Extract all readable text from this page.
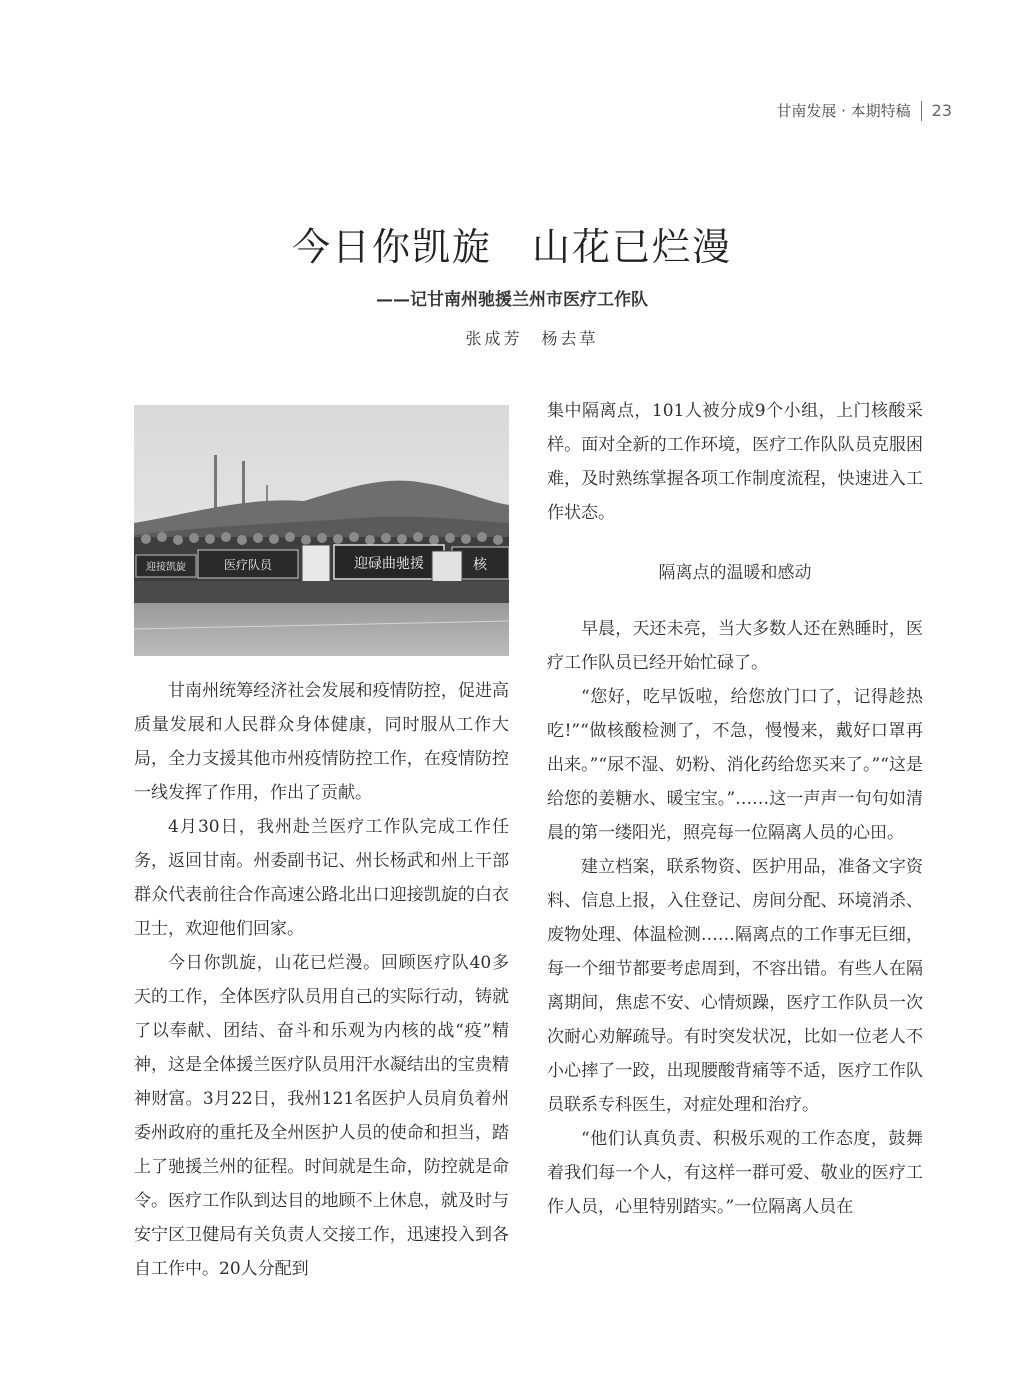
甘南发展 · 本期特稿 23
今日你凯旋　山花已烂漫
——记甘南州驰援兰州市医疗工作队
张成芳　杨去草
迎接凯旋	医疗队员	迎碌曲驰援	核

甘南州统筹经济社会发展和疫情防控，促进高质量发展和人民群众身体健康，同时服从工作大局，全力支援其他市州疫情防控工作，在疫情防控一线发挥了作用，作出了贡献。

4月30日，我州赴兰医疗工作队完成工作任务，返回甘南。州委副书记、州长杨武和州上干部群众代表前往合作高速公路北出口迎接凯旋的白衣卫士，欢迎他们回家。

今日你凯旋，山花已烂漫。回顾医疗队40多天的工作，全体医疗队员用自己的实际行动，铸就了以奉献、团结、奋斗和乐观为内核的战“疫”精神，这是全体援兰医疗队员用汗水凝结出的宝贵精神财富。3月22日，我州121名医护人员肩负着州委州政府的重托及全州医护人员的使命和担当，踏上了驰援兰州的征程。时间就是生命，防控就是命令。医疗工作队到达目的地顾不上休息，就及时与安宁区卫健局有关负责人交接工作，迅速投入到各自工作中。20人分配到

集中隔离点，101人被分成9个小组，上门核酸采样。面对全新的工作环境，医疗工作队队员克服困难，及时熟练掌握各项工作制度流程，快速进入工作状态。

隔离点的温暖和感动

早晨，天还未亮，当大多数人还在熟睡时，医疗工作队员已经开始忙碌了。

“您好，吃早饭啦，给您放门口了，记得趁热吃!”“做核酸检测了，不急，慢慢来，戴好口罩再出来。”“尿不湿、奶粉、消化药给您买来了。”“这是给您的姜糖水、暖宝宝。”……这一声声一句句如清晨的第一缕阳光，照亮每一位隔离人员的心田。

建立档案，联系物资、医护用品，准备文字资料、信息上报，入住登记、房间分配、环境消杀、废物处理、体温检测……隔离点的工作事无巨细，每一个细节都要考虑周到，不容出错。有些人在隔离期间，焦虑不安、心情烦躁，医疗工作队员一次次耐心劝解疏导。有时突发状况，比如一位老人不小心摔了一跤，出现腰酸背痛等不适，医疗工作队员联系专科医生，对症处理和治疗。

“他们认真负责、积极乐观的工作态度，鼓舞着我们每一个人，有这样一群可爱、敬业的医疗工作人员，心里特别踏实。”一位隔离人员在
